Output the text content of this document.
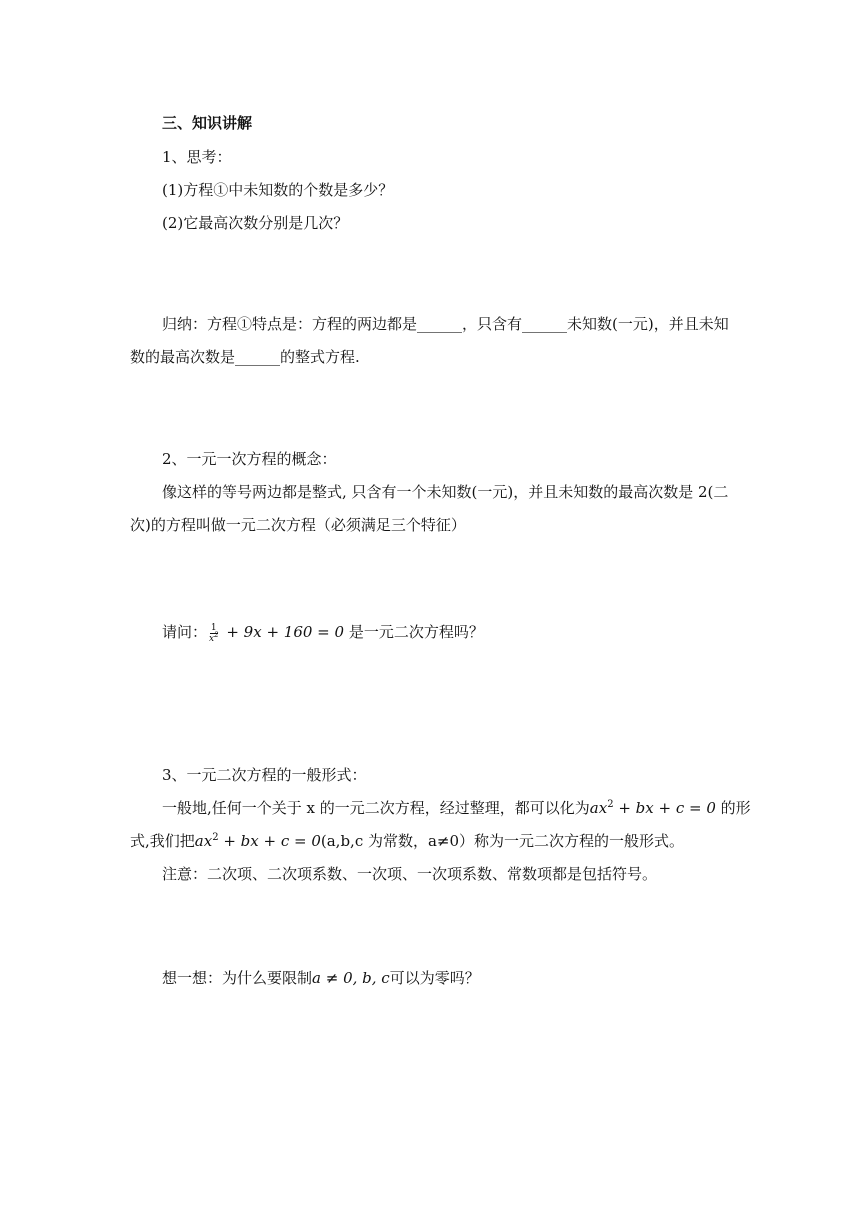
三、知识讲解
1、思考：
(1)方程①中未知数的个数是多少？
(2)它最高次数分别是几次？
归纳：方程①特点是：方程的两边都是______，只含有______未知数(一元)，并且未知
数的最高次数是______的整式方程.
2、一元一次方程的概念：
像这样的等号两边都是整式, 只含有一个未知数(一元)，并且未知数的最高次数是 2(二
次)的方程叫做一元二次方程（必须满足三个特征）
请问： $\frac{1}{x^2} + 9x + 160 = 0$ 是一元二次方程吗？
3、一元二次方程的一般形式：
一般地,任何一个关于 x 的一元二次方程，经过整理，都可以化为$ax^2$ + bx + c = 0 的形
式,我们把$ax^2$ + bx + c = 0(a,b,c 为常数，a≠0）称为一元二次方程的一般形式。
注意：二次项、二次项系数、一次项、一次项系数、常数项都是包括符号。
想一想：为什么要限制a ≠ 0, b, c可以为零吗？
